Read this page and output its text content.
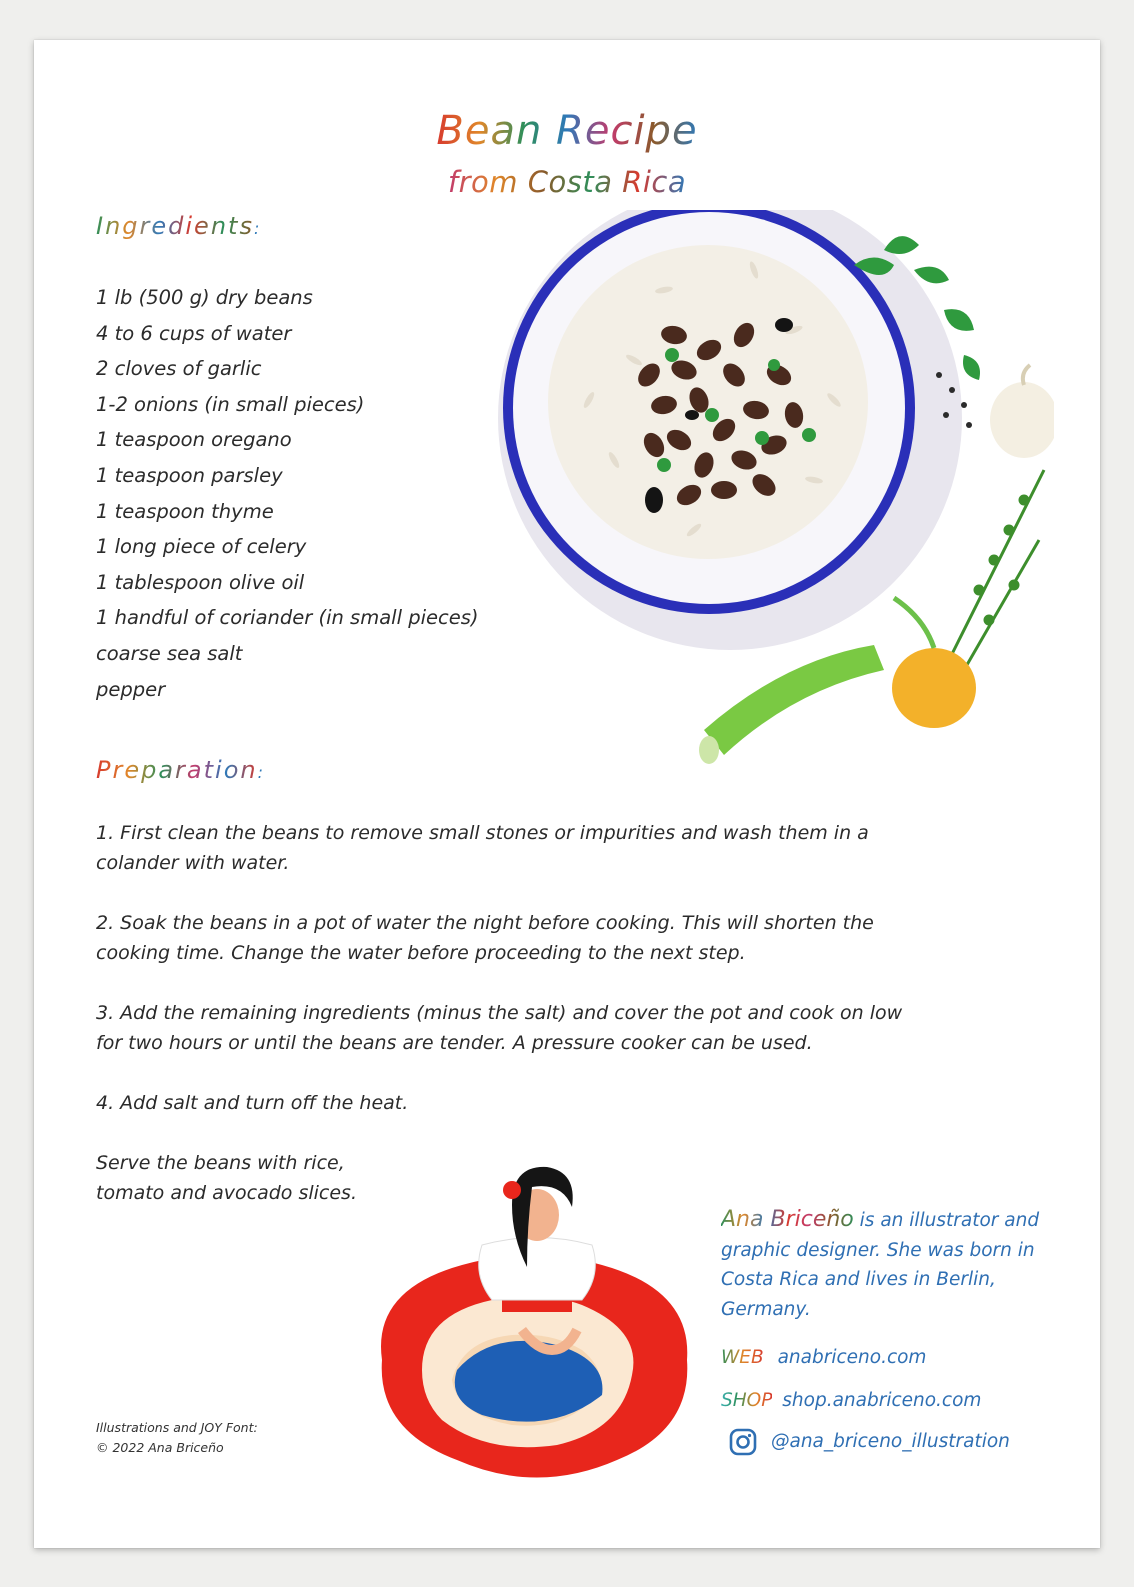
Bean Recipe
from Costa Rica
Ingredients:
1 lb (500 g) dry beans
4 to 6 cups of water
2 cloves of garlic
1-2 onions (in small pieces)
1 teaspoon oregano
1 teaspoon parsley
1 teaspoon thyme
1 long piece of celery
1 tablespoon olive oil
1 handful of coriander (in small pieces)
coarse sea salt
pepper
Preparation:

1. First clean the beans to remove small stones or impurities and wash them in a colander with water.

2. Soak the beans in a pot of water the night before cooking. This will shorten the cooking time. Change the water before proceeding to the next step.

3. Add the remaining ingredients (minus the salt) and cover the pot and cook on low for two hours or until the beans are tender. A pressure cooker can be used.

4. Add salt and turn off the heat.

Serve the beans with rice,
tomato and avocado slices.

Ana Briceño is an illustrator and graphic designer. She was born in Costa Rica and lives in Berlin, Germany.
WEB anabriceno.com
SHOP shop.anabriceno.com
@ana_briceno_illustration
Illustrations and JOY Font:
© 2022 Ana Briceño
